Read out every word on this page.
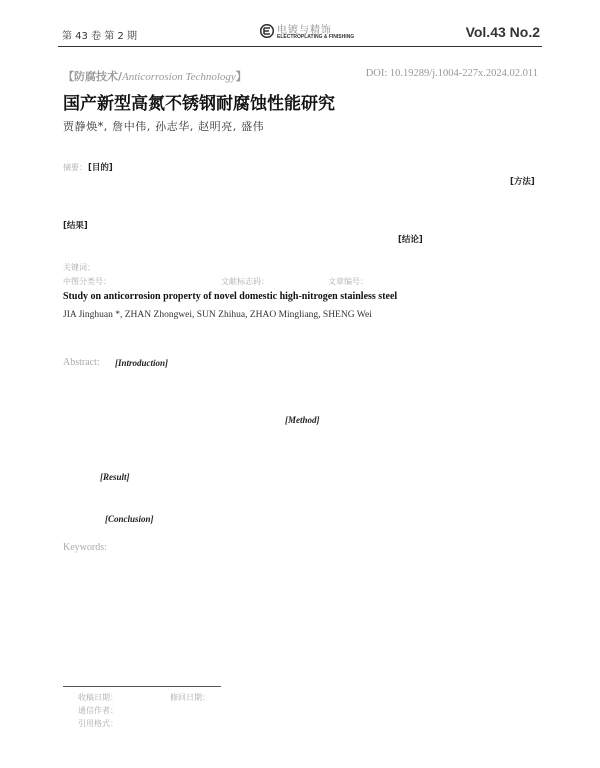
第 43 卷 第 2 期
电镀与精饰
ELECTROPLATING & FINISHING	Vol.43 No.2
【防腐技术/Anticorrosion Technology】	DOI: 10.19289/j.1004-227x.2024.02.011
国产新型高氮不锈钢耐腐蚀性能研究
贾静焕*, 詹中伟, 孙志华, 赵明亮, 盛伟
摘要： [目的]
[方法]
[结果]
[结论]
关键词：
中图分类号：	文献标志码：	文章编号：
Study on anticorrosion property of novel domestic high-nitrogen stainless steel
JIA Jinghuan *, ZHAN Zhongwei, SUN Zhihua, ZHAO Mingliang, SHENG Wei
Abstract: [Introduction]
[Method]
[Result]
[Conclusion]
Keywords:
收稿日期：	修回日期：
通信作者：
引用格式：
